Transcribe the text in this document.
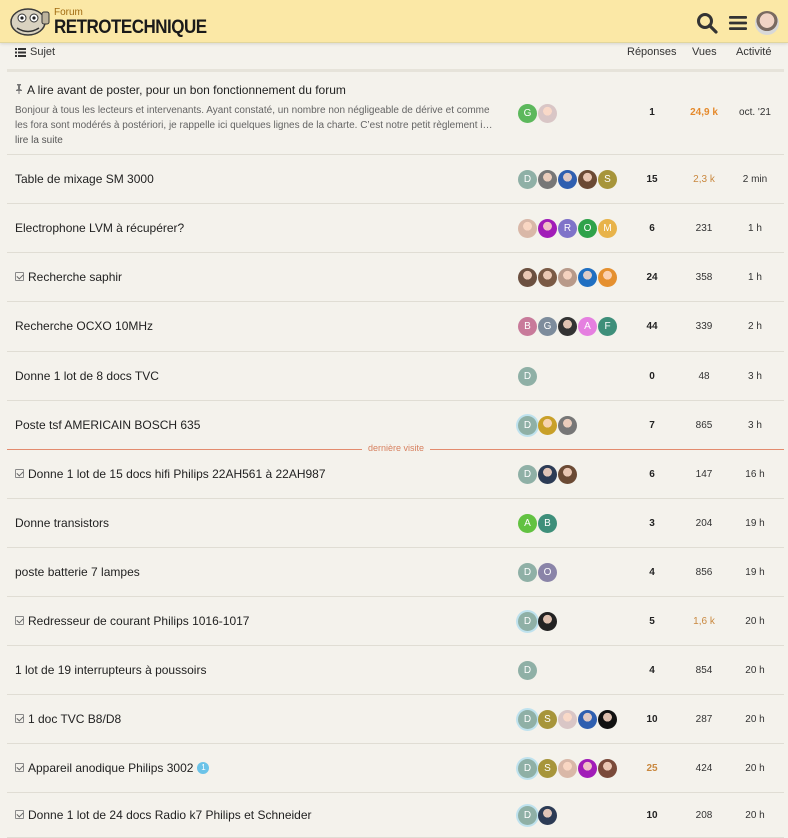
Forum
RETROTECHNIQUE
Sujet	Réponses Vues Activité
A lire avant de poster, pour un bon fonctionnement du forum
Bonjour à tous les lecteurs et intervenants. Ayant constaté, un nombre non négligeable de dérive et comme les fora sont modérés à postériori, je rappelle ici quelques lignes de la charte. C’est notre petit règlement i… lire la suite
G	1	24,9 k	oct. '21
Table de mixage SM 3000	D	S	15	2,3 k	2 min
Electrophone LVM à récupérer?	R	O	M	6	231	1 h
Recherche saphir	24	358	1 h
Recherche OCXO 10MHz	B	G	A	F	44	339	2 h
Donne 1 lot de 8 docs TVC	D	0	48	3 h
Poste tsf AMERICAIN BOSCH 635	D	7	865	3 h
Donne 1 lot de 15 docs hifi Philips 22AH561 à 22AH987	D	6	147	16 h
Donne transistors	A	B	3	204	19 h
poste batterie 7 lampes	D	O	4	856	19 h
Redresseur de courant Philips 1016-1017	D	5	1,6 k	20 h
1 lot de 19 interrupteurs à poussoirs	D	4	854	20 h
1 doc TVC B8/D8	D	S	10	287	20 h
Appareil anodique Philips 3002 1	D	S	25	424	20 h
Donne 1 lot de 24 docs Radio k7 Philips et Schneider	D	10	208	20 h
dernière visite
